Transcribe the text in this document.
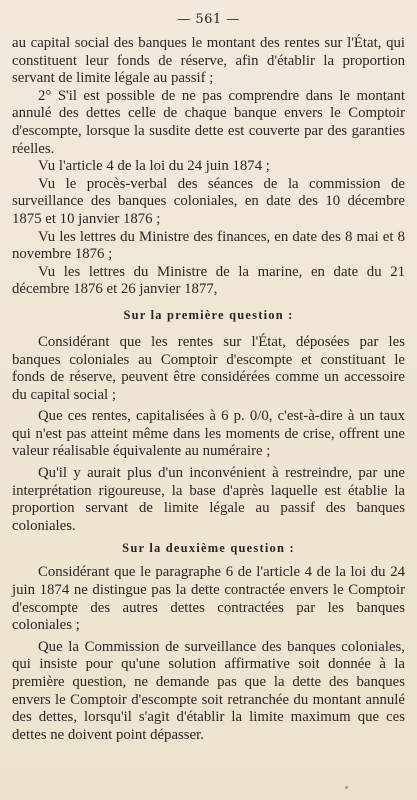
— 561 —

au capital social des banques le montant des rentes sur l'État, qui constituent leur fonds de réserve, afin d'établir la proportion servant de limite légale au passif ;

2° S'il est possible de ne pas comprendre dans le montant annulé des dettes celle de chaque banque envers le Comptoir d'escompte, lorsque la susdite dette est couverte par des garanties réelles.

Vu l'article 4 de la loi du 24 juin 1874 ;

Vu le procès-verbal des séances de la commission de surveillance des banques coloniales, en date des 10 décembre 1875 et 10 janvier 1876 ;

Vu les lettres du Ministre des finances, en date des 8 mai et 8 novembre 1876 ;

Vu les lettres du Ministre de la marine, en date du 21 décembre 1876 et 26 janvier 1877,

Sur la première question :

Considérant que les rentes sur l'État, déposées par les banques coloniales au Comptoir d'escompte et constituant le fonds de réserve, peuvent être considérées comme un accessoire du capital social ;

Que ces rentes, capitalisées à 6 p. 0/0, c'est-à-dire à un taux qui n'est pas atteint même dans les moments de crise, offrent une valeur réalisable équivalente au numéraire ;

Qu'il y aurait plus d'un inconvénient à restreindre, par une interprétation rigoureuse, la base d'après laquelle est établie la proportion servant de limite légale au passif des banques coloniales.

Sur la deuxième question :

Considérant que le paragraphe 6 de l'article 4 de la loi du 24 juin 1874 ne distingue pas la dette contractée envers le Comptoir d'escompte des autres dettes contractées par les banques coloniales ;

Que la Commission de surveillance des banques coloniales, qui insiste pour qu'une solution affirmative soit donnée à la première question, ne demande pas que la dette des banques envers le Comptoir d'escompte soit retranchée du montant annulé des dettes, lorsqu'il s'agit d'établir la limite maximum que ces dettes ne doivent point dépasser.
